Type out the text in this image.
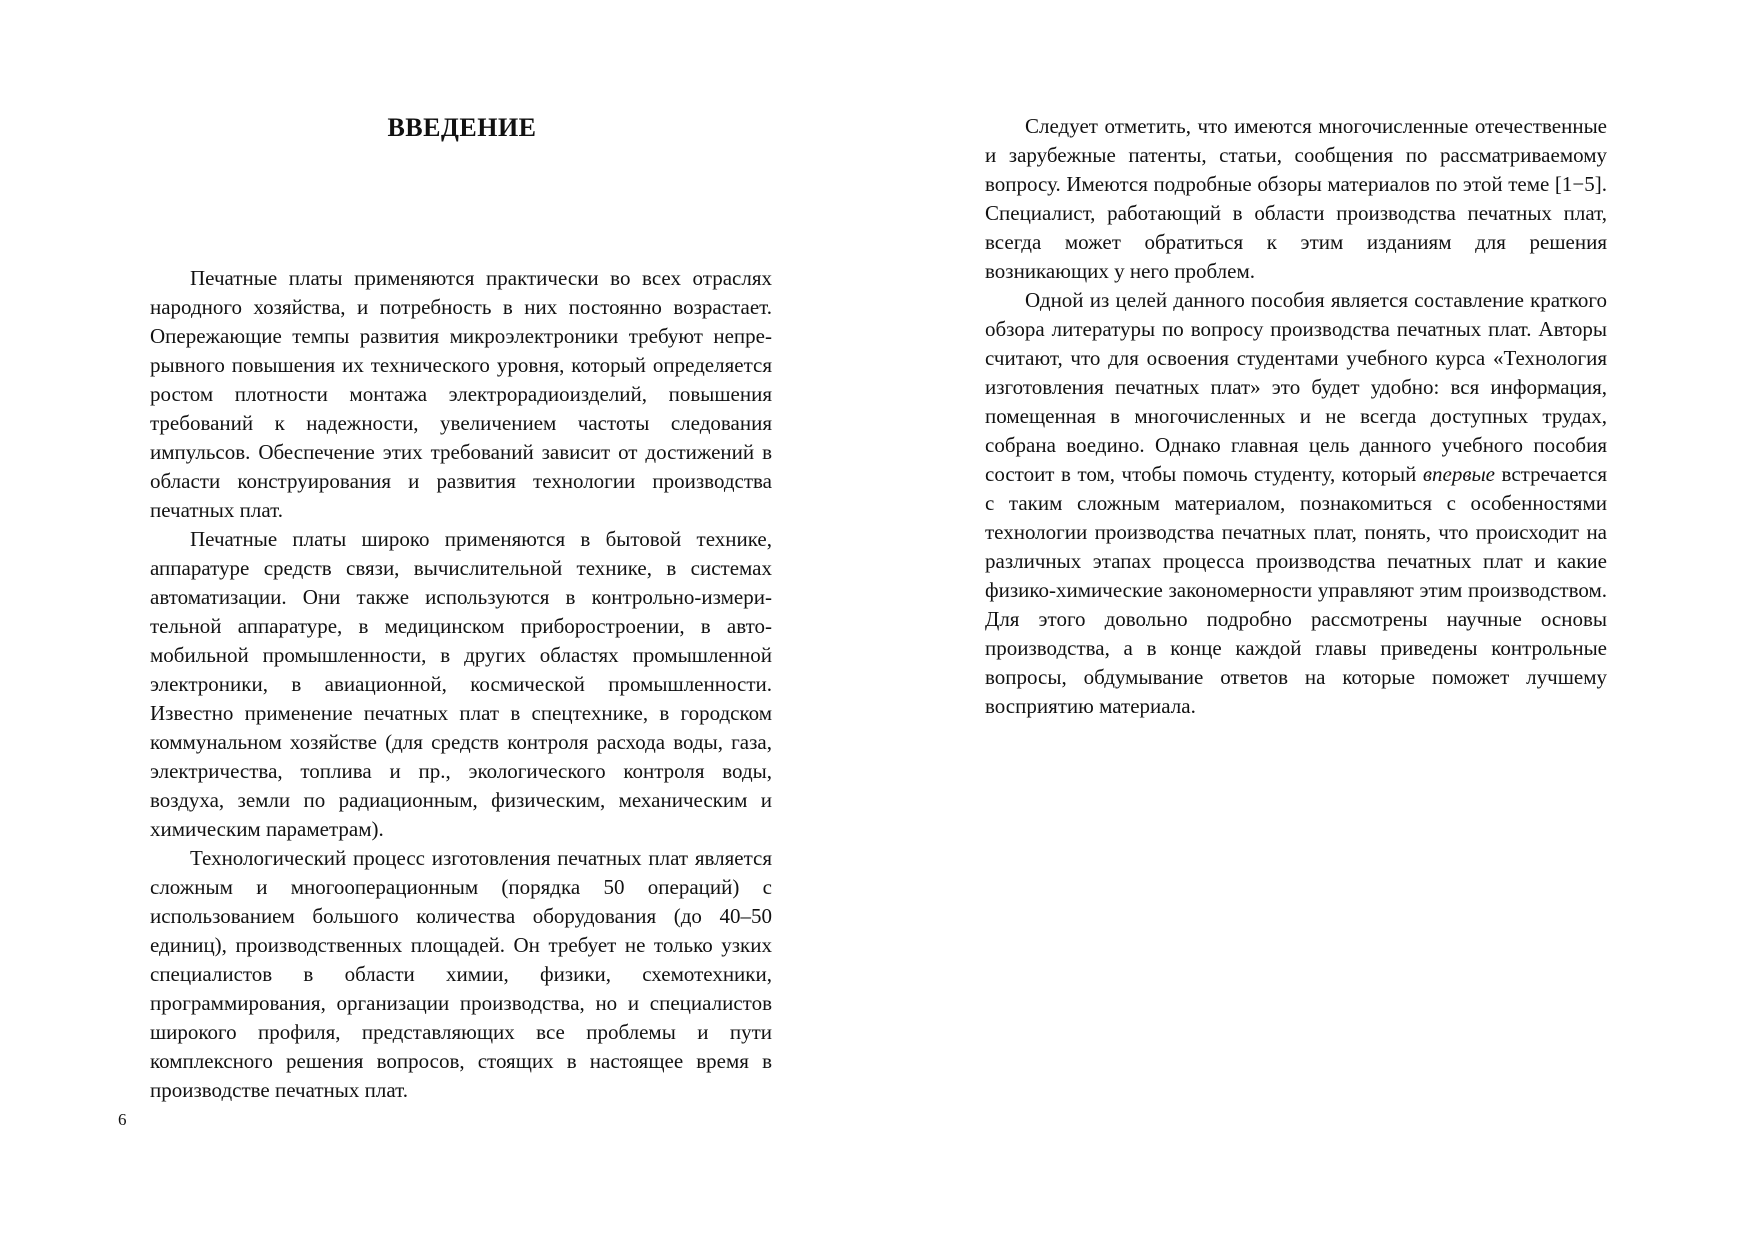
ВВЕДЕНИЕ

Печатные платы применяются практически во всех отраслях народного хозяйства, и потребность в них постоянно возрастает. Опережающие темпы развития микроэлектроники требуют непрерывного повышения их технического уровня, который определяется ростом плотности монтажа электрорадиоизделий, повышения требований к надежности, увеличением частоты следования импульсов. Обеспечение этих требований зависит от достижений в области конструирования и развития технологии производства печатных плат.

Печатные платы широко применяются в бытовой технике, аппаратуре средств связи, вычислительной технике, в системах автоматизации. Они также используются в контрольно-измерительной аппаратуре, в медицинском приборостроении, в автомобильной промышленности, в других областях промышленной электроники, в авиационной, космической промышленности. Известно применение печатных плат в спецтехнике, в городском коммунальном хозяйстве (для средств контроля расхода воды, газа, электричества, топлива и пр., экологического контроля воды, воздуха, земли по радиационным, физическим, механическим и химическим параметрам).

Технологический процесс изготовления печатных плат является сложным и многооперационным (порядка 50 операций) с использованием большого количества оборудования (до 40–50 единиц), производственных площадей. Он требует не только узких специалистов в области химии, физики, схемотехники, программирования, организации производства, но и специалистов широкого профиля, представляющих все проблемы и пути комплексного решения вопросов, стоящих в настоящее время в производстве печатных плат.

6

Следует отметить, что имеются многочисленные отечественные и зарубежные патенты, статьи, сообщения по рассматриваемому вопросу. Имеются подробные обзоры материалов по этой теме [1−5]. Специалист, работающий в области производства печатных плат, всегда может обратиться к этим изданиям для решения возникающих у него проблем.

Одной из целей данного пособия является составление краткого обзора литературы по вопросу производства печатных плат. Авторы считают, что для освоения студентами учебного курса «Технология изготовления печатных плат» это будет удобно: вся информация, помещенная в многочисленных и не всегда доступных трудах, собрана воедино. Однако главная цель данного учебного пособия состоит в том, чтобы помочь студенту, который впервые встречается с таким сложным материалом, познакомиться с особенностями технологии производства печатных плат, понять, что происходит на различных этапах процесса производства печатных плат и какие физико-химические закономерности управляют этим производством. Для этого довольно подробно рассмотрены научные основы производства, а в конце каждой главы приведены контрольные вопросы, обдумывание ответов на которые поможет лучшему восприятию материала.
